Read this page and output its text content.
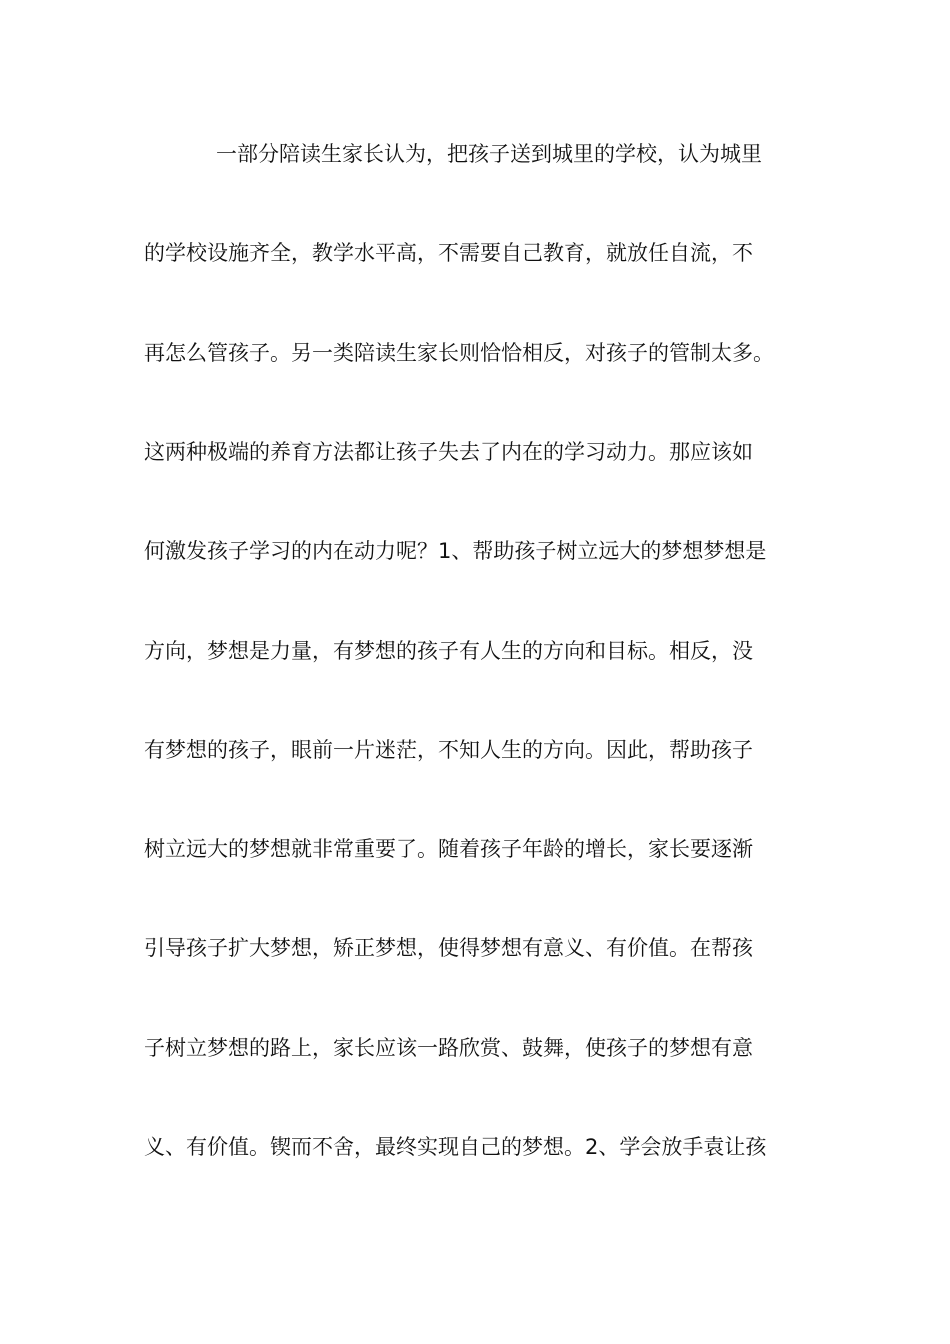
一部分陪读生家长认为，把孩子送到城里的学校，认为城里
的学校设施齐全，教学水平高，不需要自己教育，就放任自流，不
再怎么管孩子。另一类陪读生家长则恰恰相反，对孩子的管制太多。
这两种极端的养育方法都让孩子失去了内在的学习动力。那应该如
何激发孩子学习的内在动力呢？1、帮助孩子树立远大的梦想梦想是
方向，梦想是力量，有梦想的孩子有人生的方向和目标。相反，没
有梦想的孩子，眼前一片迷茫，不知人生的方向。因此，帮助孩子
树立远大的梦想就非常重要了。随着孩子年龄的增长，家长要逐渐
引导孩子扩大梦想，矫正梦想，使得梦想有意义、有价值。在帮孩
子树立梦想的路上，家长应该一路欣赏、鼓舞，使孩子的梦想有意
义、有价值。锲而不舍，最终实现自己的梦想。2、学会放手袁让孩
